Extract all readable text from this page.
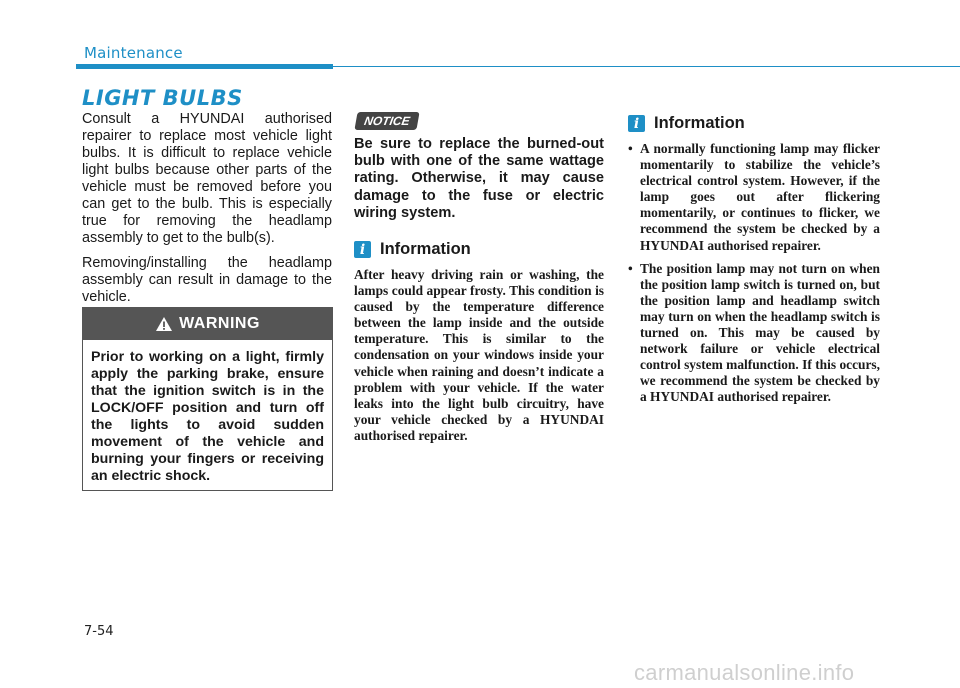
Maintenance
LIGHT BULBS

Consult a HYUNDAI authorised repairer to replace most vehicle light bulbs. It is difficult to replace vehicle light bulbs because other parts of the vehicle must be removed before you can get to the bulb. This is especially true for removing the headlamp assembly to get to the bulb(s).

Removing/installing the headlamp assembly can result in damage to the vehicle.

WARNING
Prior to working on a light, firmly apply the parking brake, ensure that the ignition switch is in the LOCK/OFF position and turn off the lights to avoid sudden movement of the vehicle and burning your fingers or receiving an electric shock.
NOTICE
Be sure to replace the burned-out bulb with one of the same wattage rating. Otherwise, it may cause damage to the fuse or electric wiring system.
i Information
After heavy driving rain or washing, the lamps could appear frosty. This condition is caused by the temperature difference between the lamp inside and the outside temperature. This is similar to the condensation on your windows inside your vehicle when raining and doesn’t indicate a problem with your vehicle. If the water leaks into the light bulb circuitry, have your vehicle checked by a HYUNDAI authorised repairer.
i Information
• A normally functioning lamp may flicker momentarily to stabilize the vehicle’s electrical control system. However, if the lamp goes out after flickering momentarily, or continues to flicker, we recommend the system be checked by a HYUNDAI authorised repairer.
• The position lamp may not turn on when the position lamp switch is turned on, but the position lamp and headlamp switch may turn on when the headlamp switch is turned on. This may be caused by network failure or vehicle electrical control system malfunction. If this occurs, we recommend the system be checked by a HYUNDAI authorised repairer.
7-54
carmanualsonline.info
